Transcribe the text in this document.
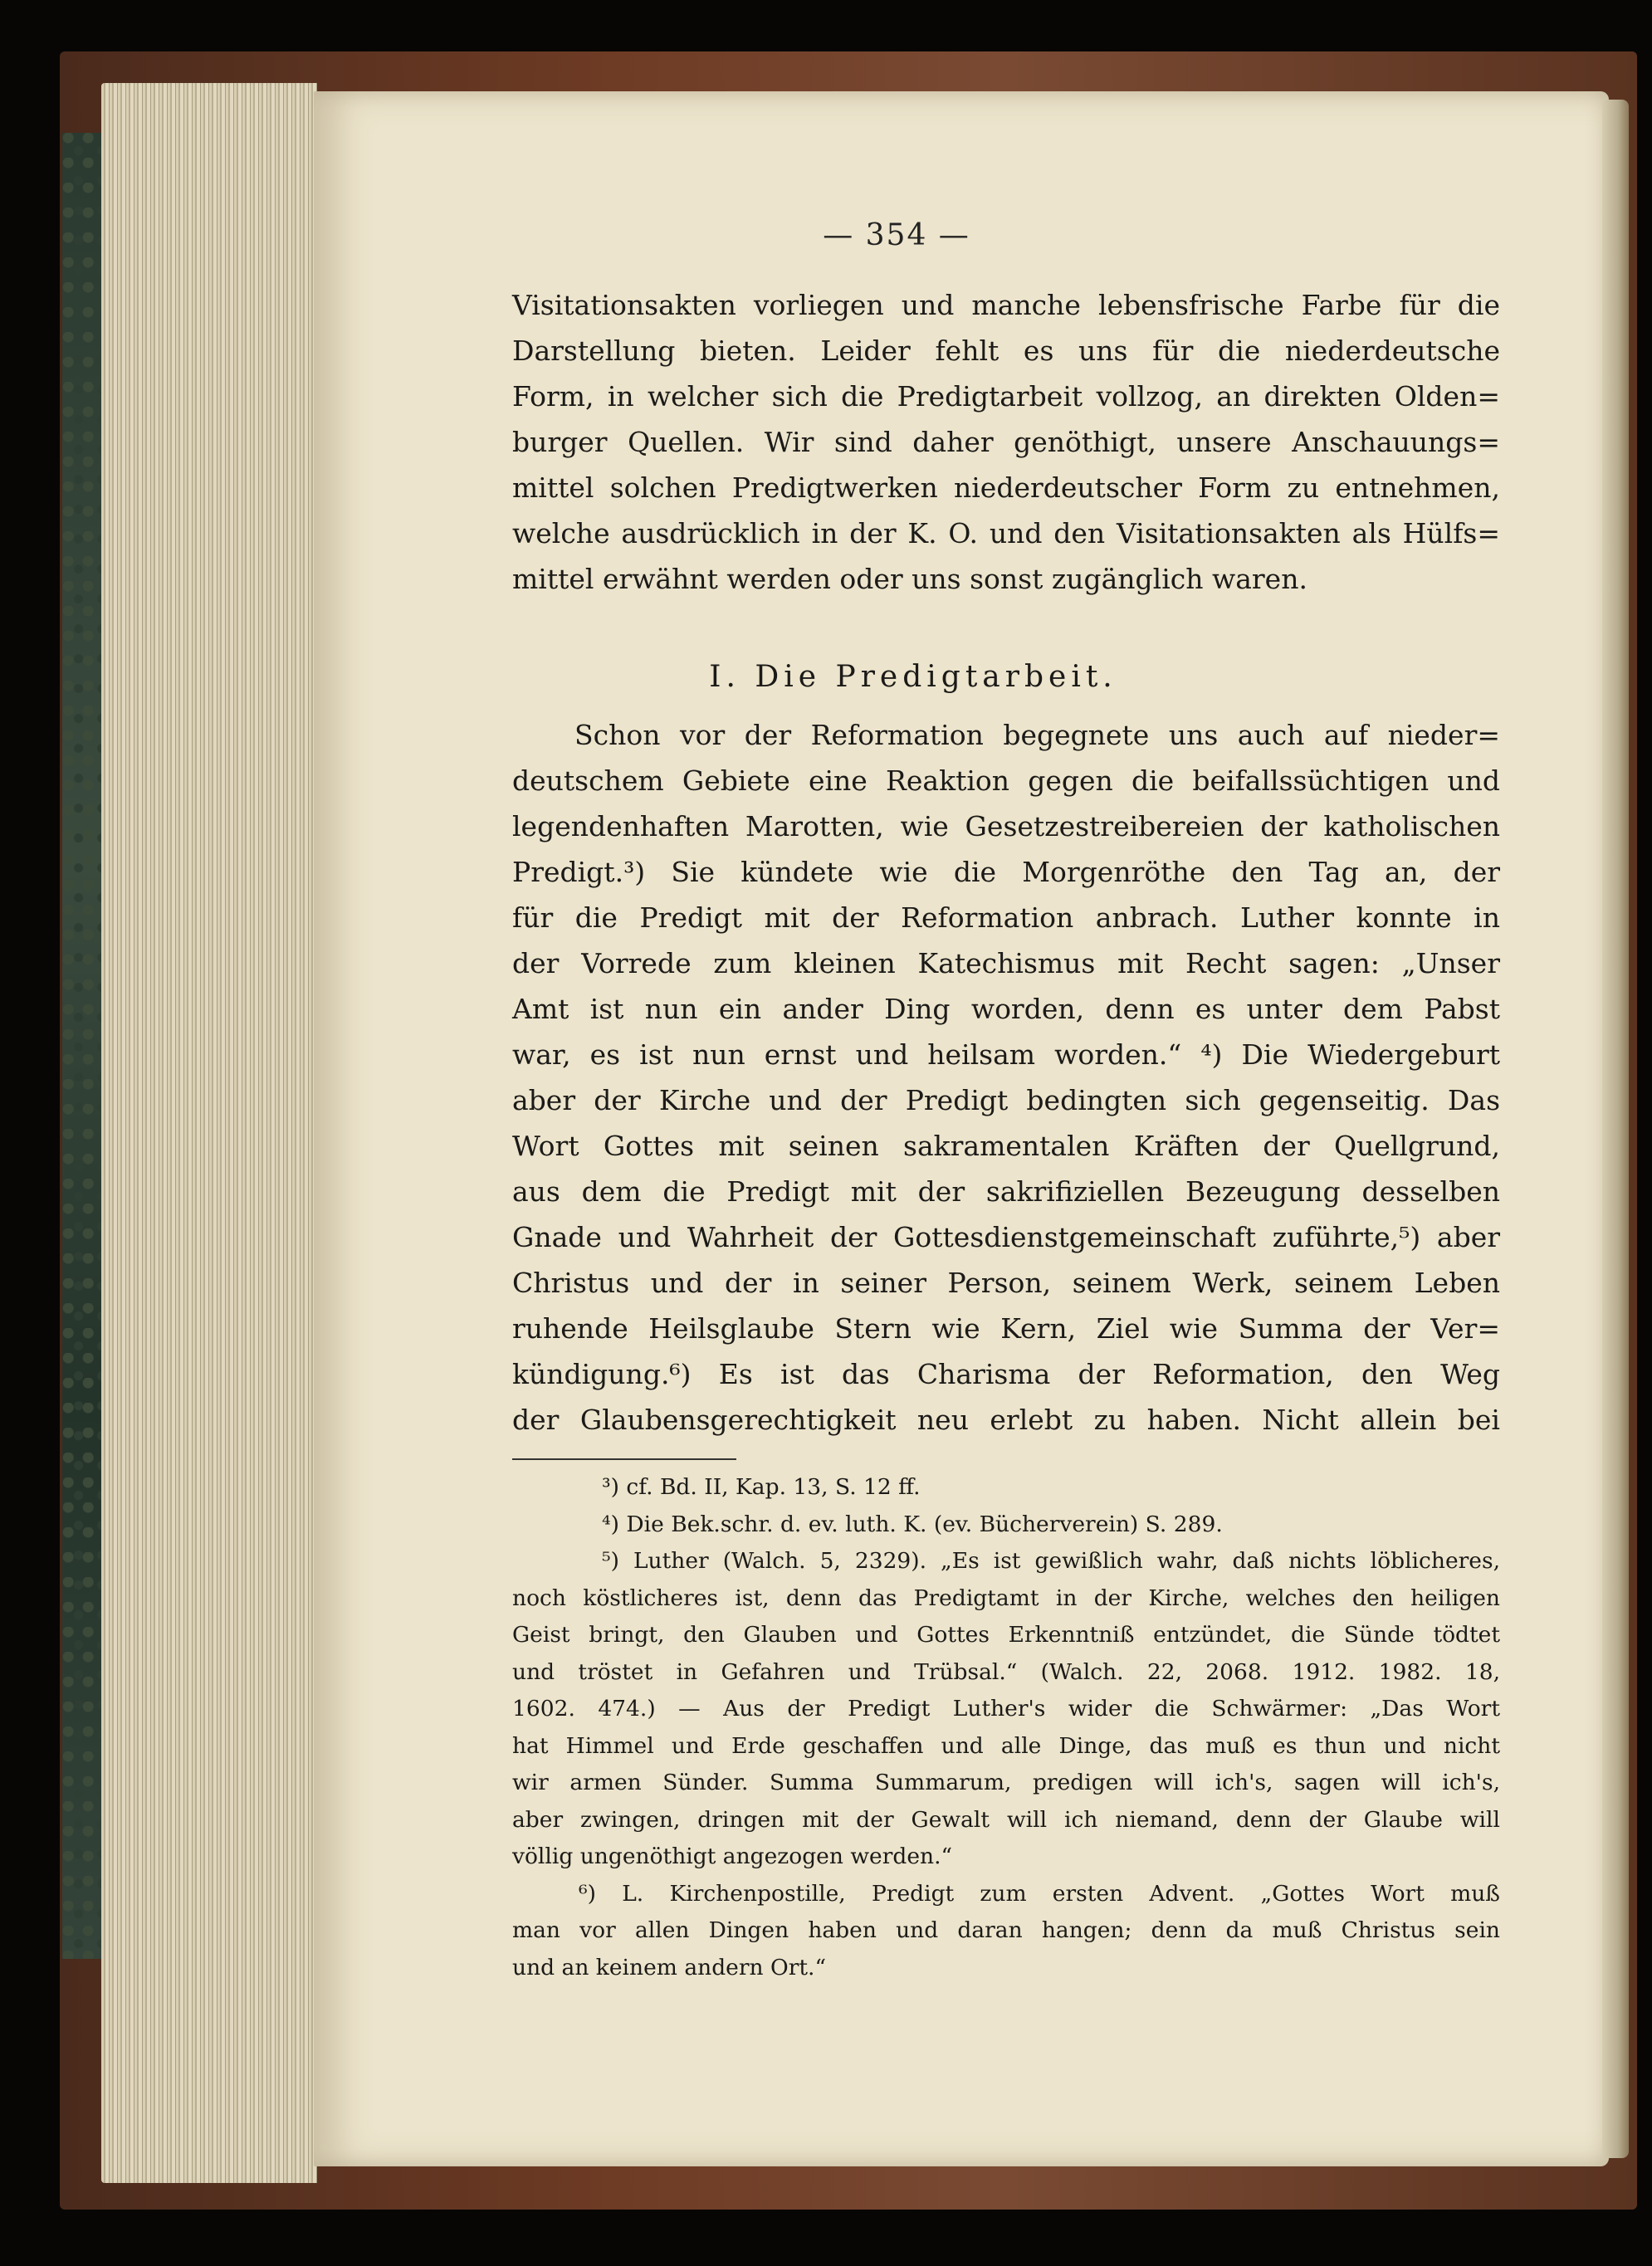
— 354 —
Visitationsakten vorliegen und manche lebensfrische Farbe für die
Darstellung bieten. Leider fehlt es uns für die niederdeutsche
Form, in welcher sich die Predigtarbeit vollzog, an direkten Olden=
burger Quellen. Wir sind daher genöthigt, unsere Anschauungs=
mittel solchen Predigtwerken niederdeutscher Form zu entnehmen,
welche ausdrücklich in der K. O. und den Visitationsakten als Hülfs=
mittel erwähnt werden oder uns sonst zugänglich waren.
I. Die Predigtarbeit.
Schon vor der Reformation begegnete uns auch auf nieder=
deutschem Gebiete eine Reaktion gegen die beifallssüchtigen und
legendenhaften Marotten, wie Gesetzestreibereien der katholischen
Predigt.³) Sie kündete wie die Morgenröthe den Tag an, der
für die Predigt mit der Reformation anbrach. Luther konnte in
der Vorrede zum kleinen Katechismus mit Recht sagen: „Unser
Amt ist nun ein ander Ding worden, denn es unter dem Pabst
war, es ist nun ernst und heilsam worden.“ ⁴) Die Wiedergeburt
aber der Kirche und der Predigt bedingten sich gegenseitig. Das
Wort Gottes mit seinen sakramentalen Kräften der Quellgrund,
aus dem die Predigt mit der sakrifiziellen Bezeugung desselben
Gnade und Wahrheit der Gottesdienstgemeinschaft zuführte,⁵) aber
Christus und der in seiner Person, seinem Werk, seinem Leben
ruhende Heilsglaube Stern wie Kern, Ziel wie Summa der Ver=
kündigung.⁶) Es ist das Charisma der Reformation, den Weg
der Glaubensgerechtigkeit neu erlebt zu haben. Nicht allein bei
³) cf. Bd. II, Kap. 13, S. 12 ff.
⁴) Die Bek.schr. d. ev. luth. K. (ev. Bücherverein) S. 289.
⁵) Luther (Walch. 5, 2329). „Es ist gewißlich wahr, daß nichts löblicheres,
noch köstlicheres ist, denn das Predigtamt in der Kirche, welches den heiligen
Geist bringt, den Glauben und Gottes Erkenntniß entzündet, die Sünde tödtet
und tröstet in Gefahren und Trübsal.“ (Walch. 22, 2068. 1912. 1982. 18,
1602. 474.) — Aus der Predigt Luther's wider die Schwärmer: „Das Wort
hat Himmel und Erde geschaffen und alle Dinge, das muß es thun und nicht
wir armen Sünder. Summa Summarum, predigen will ich's, sagen will ich's,
aber zwingen, dringen mit der Gewalt will ich niemand, denn der Glaube will
völlig ungenöthigt angezogen werden.“
⁶) L. Kirchenpostille, Predigt zum ersten Advent. „Gottes Wort muß
man vor allen Dingen haben und daran hangen; denn da muß Christus sein
und an keinem andern Ort.“
